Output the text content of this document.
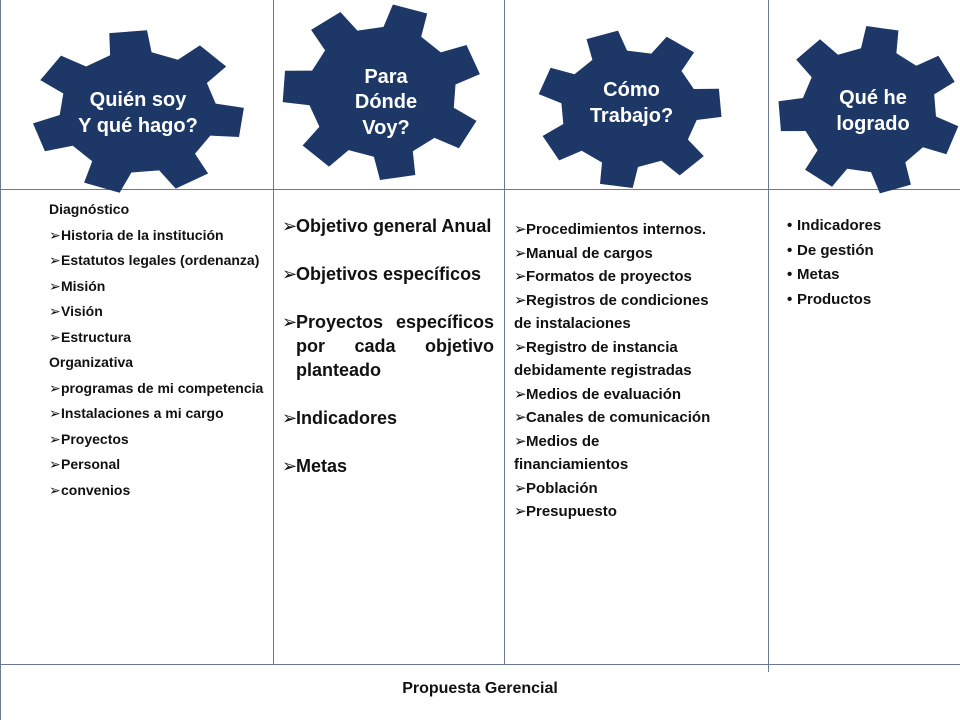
Quién soy
Y qué hago?
Para
Dónde
Voy?
Cómo
Trabajo?
Qué he
logrado
Diagnóstico
➢ Historia de la institución
➢ Estatutos legales (ordenanza)
➢ Misión
➢ Visión
➢ Estructura
Organizativa
➢ programas de mi competencia
➢ Instalaciones a mi cargo
➢ Proyectos
➢ Personal
➢ convenios
➢ Objetivo general Anual
➢ Objetivos específicos
➢ Proyectos específicos por cada objetivo planteado
➢ Indicadores
➢ Metas
➢ Procedimientos internos.
➢ Manual de cargos
➢ Formatos de proyectos
➢ Registros de condiciones
de instalaciones
➢ Registro de instancia
debidamente registradas
➢ Medios de evaluación
➢ Canales de comunicación
➢ Medios de
financiamientos
➢ Población
➢ Presupuesto
• Indicadores
• De gestión
• Metas
• Productos
Propuesta Gerencial
